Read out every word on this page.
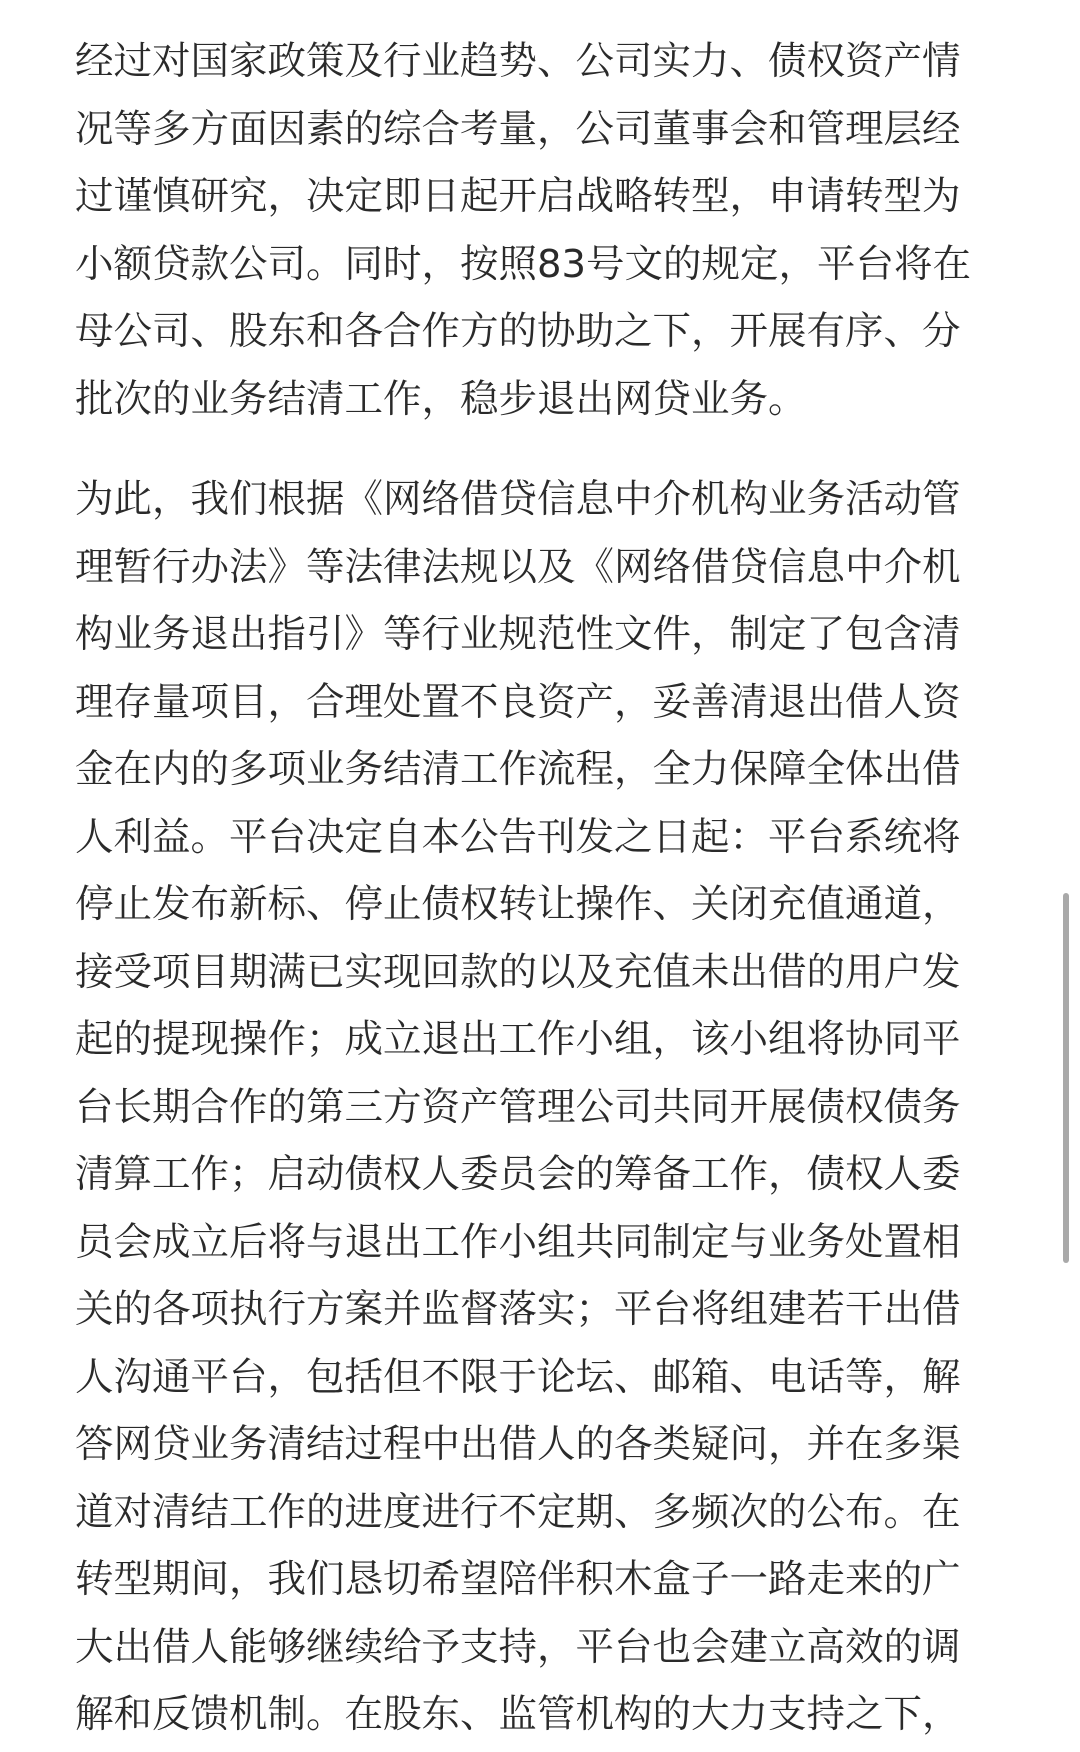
经过对国家政策及行业趋势、公司实力、债权资产情
况等多方面因素的综合考量，公司董事会和管理层经
过谨慎研究，决定即日起开启战略转型，申请转型为
小额贷款公司。同时，按照83号文的规定，平台将在
母公司、股东和各合作方的协助之下，开展有序、分
批次的业务结清工作，稳步退出网贷业务。

为此，我们根据《网络借贷信息中介机构业务活动管
理暂行办法》等法律法规以及《网络借贷信息中介机
构业务退出指引》等行业规范性文件，制定了包含清
理存量项目，合理处置不良资产，妥善清退出借人资
金在内的多项业务结清工作流程，全力保障全体出借
人利益。平台决定自本公告刊发之日起：平台系统将
停止发布新标、停止债权转让操作、关闭充值通道，
接受项目期满已实现回款的以及充值未出借的用户发
起的提现操作；成立退出工作小组，该小组将协同平
台长期合作的第三方资产管理公司共同开展债权债务
清算工作；启动债权人委员会的筹备工作，债权人委
员会成立后将与退出工作小组共同制定与业务处置相
关的各项执行方案并监督落实；平台将组建若干出借
人沟通平台，包括但不限于论坛、邮箱、电话等，解
答网贷业务清结过程中出借人的各类疑问，并在多渠
道对清结工作的进度进行不定期、多频次的公布。在
转型期间，我们恳切希望陪伴积木盒子一路走来的广
大出借人能够继续给予支持，平台也会建立高效的调
解和反馈机制。在股东、监管机构的大力支持之下，
